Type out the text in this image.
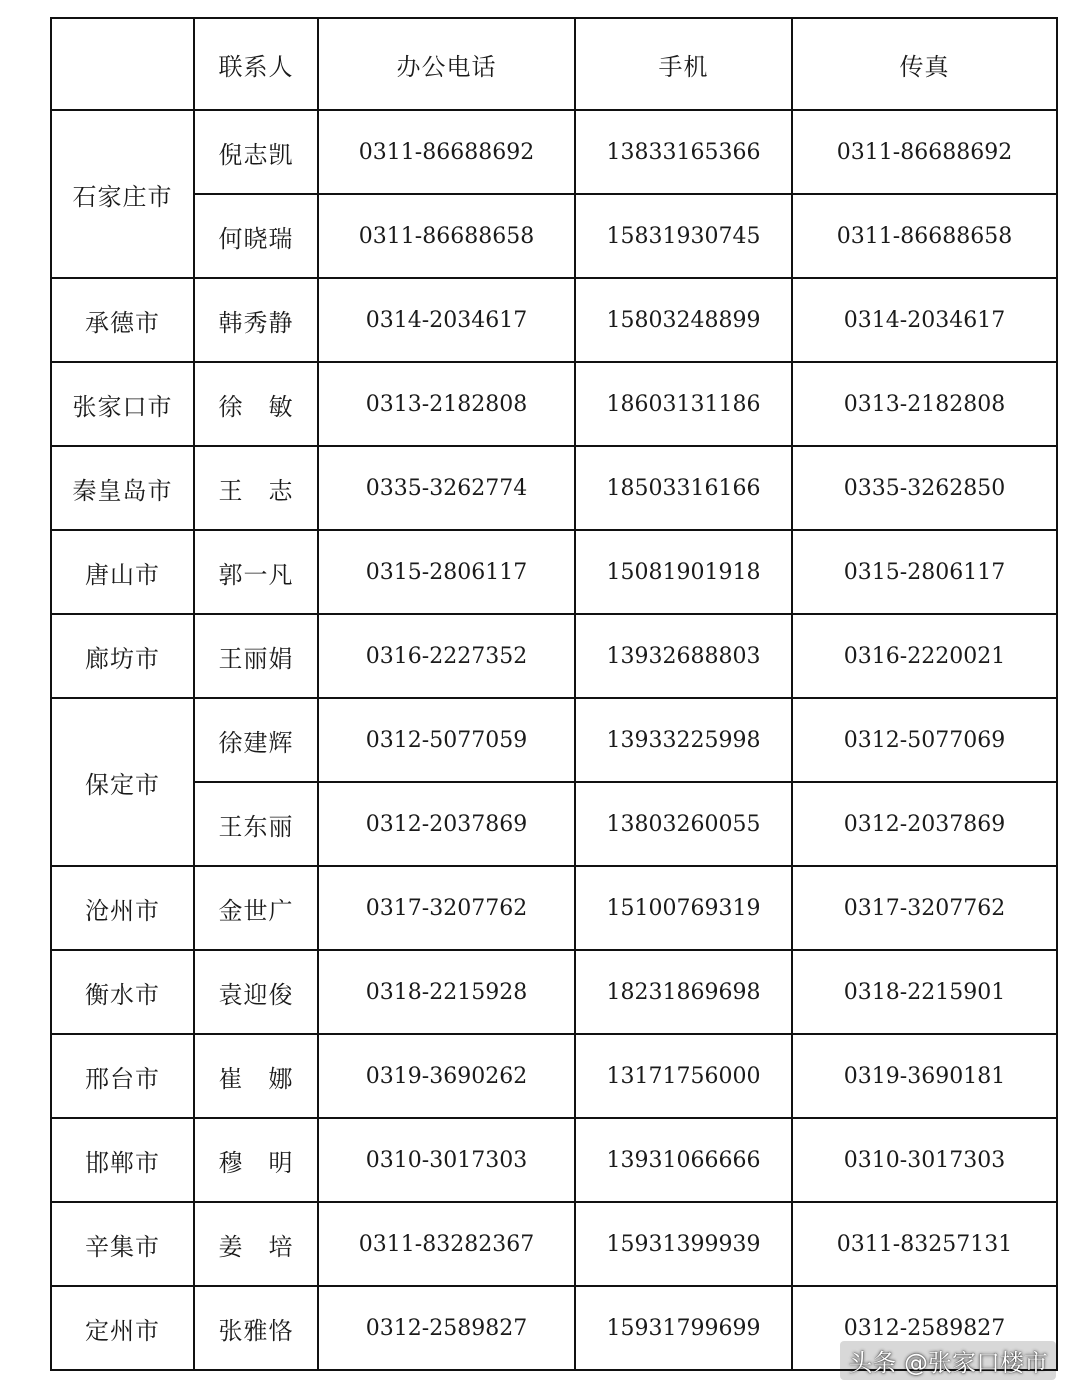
	联系人	办公电话	手机	传真
石家庄市	倪志凯	0311-86688692	13833165366	0311-86688692
	何晓瑞	0311-86688658	15831930745	0311-86688658
承德市	韩秀静	0314-2034617	15803248899	0314-2034617
张家口市	徐　敏	0313-2182808	18603131186	0313-2182808
秦皇岛市	王　志	0335-3262774	18503316166	0335-3262850
唐山市	郭一凡	0315-2806117	15081901918	0315-2806117
廊坊市	王丽娟	0316-2227352	13932688803	0316-2220021
保定市	徐建辉	0312-5077059	13933225998	0312-5077069
	王东丽	0312-2037869	13803260055	0312-2037869
沧州市	金世广	0317-3207762	15100769319	0317-3207762
衡水市	袁迎俊	0318-2215928	18231869698	0318-2215901
邢台市	崔　娜	0319-3690262	13171756000	0319-3690181
邯郸市	穆　明	0310-3017303	13931066666	0310-3017303
辛集市	姜　培	0311-83282367	15931399939	0311-83257131
定州市	张雅恪	0312-2589827	15931799699	0312-2589827
头条 @张家口楼市
